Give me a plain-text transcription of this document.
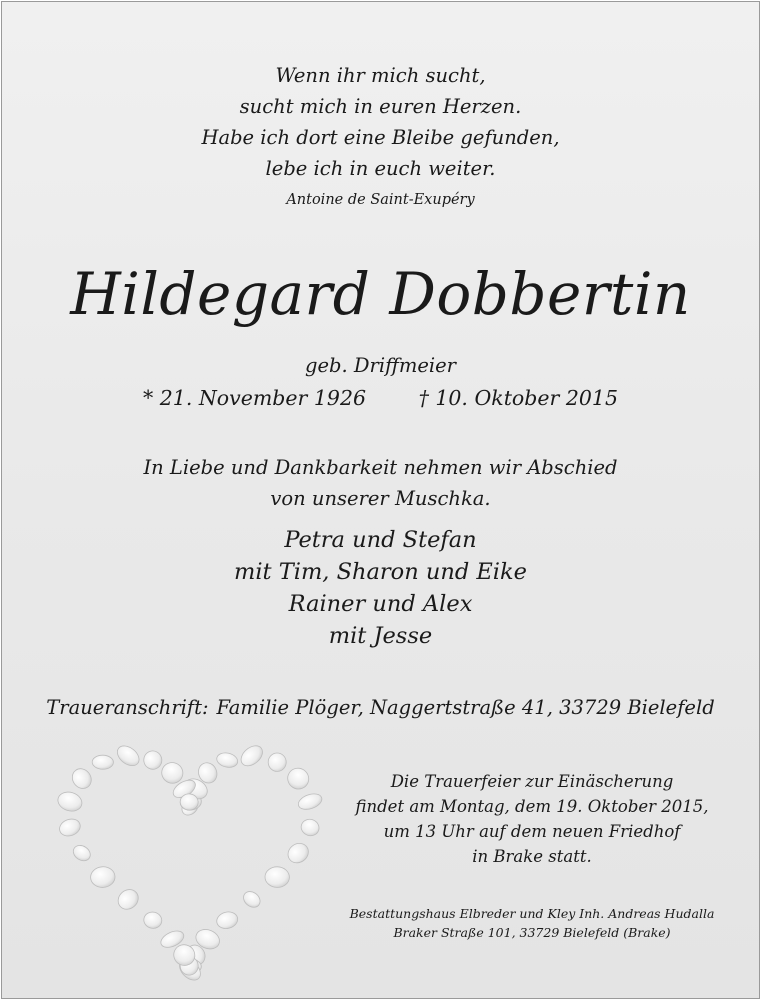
Wenn ihr mich sucht,
sucht mich in euren Herzen.
Habe ich dort eine Bleibe gefunden,
lebe ich in euch weiter.
Antoine de Saint-Exupéry
Hildegard Dobbertin
geb. Driffmeier
* 21. November 1926	† 10. Oktober 2015
In Liebe und Dankbarkeit nehmen wir Abschied
von unserer Muschka.
Petra und Stefan
mit Tim, Sharon und Eike
Rainer und Alex
mit Jesse
Traueranschrift: Familie Plöger, Naggertstraße 41, 33729 Bielefeld
Die Trauerfeier zur Einäscherung
findet am Montag, dem 19. Oktober 2015,
um 13 Uhr auf dem neuen Friedhof
in Brake statt.
Bestattungshaus Elbreder und Kley Inh. Andreas Hudalla
Braker Straße 101, 33729 Bielefeld (Brake)
